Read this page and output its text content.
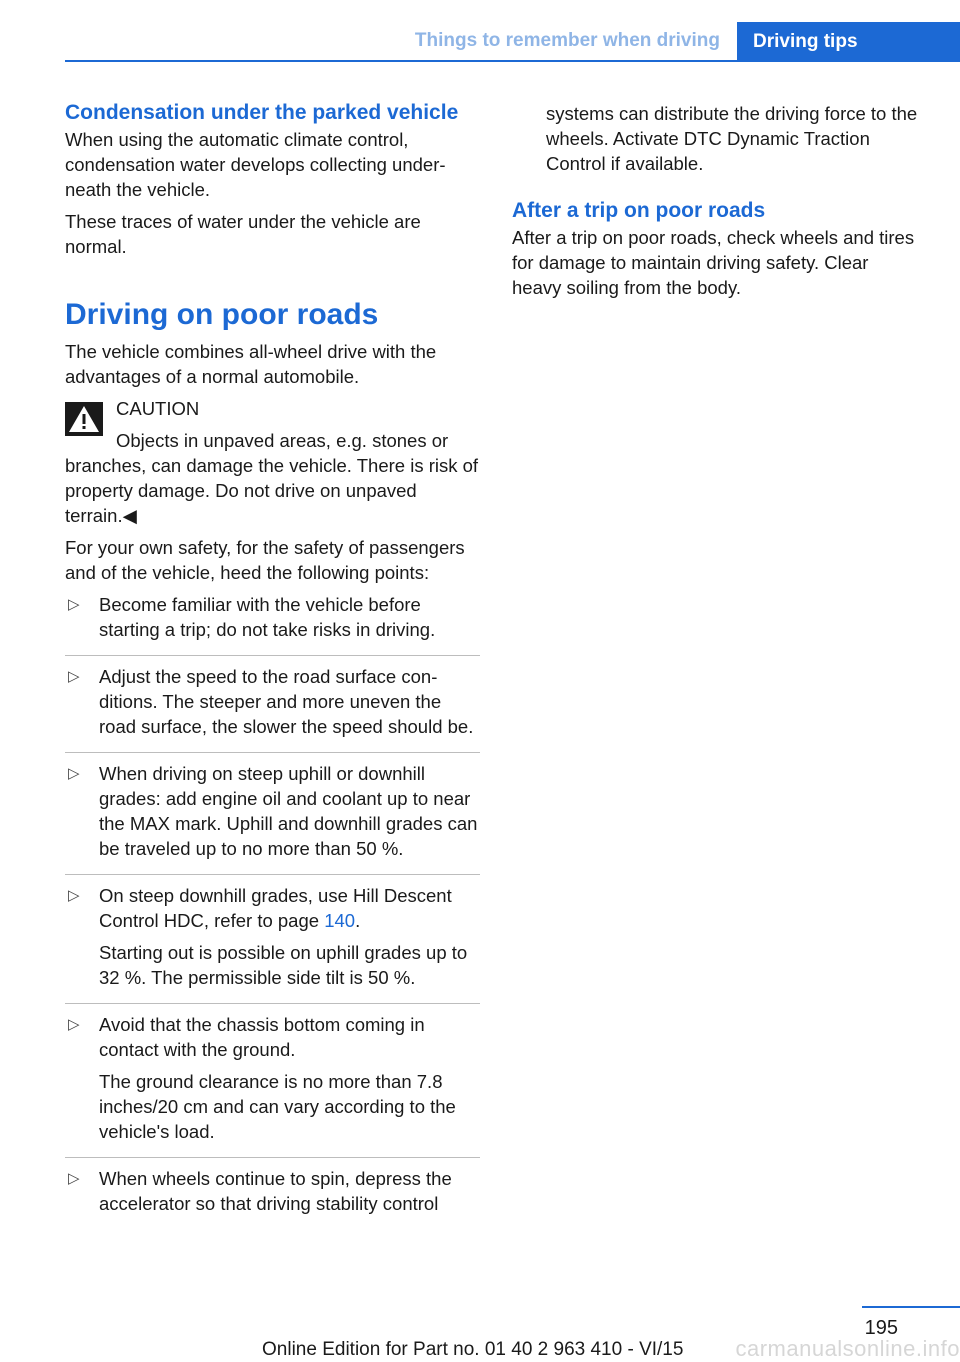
Things to remember when driving	Driving tips
Condensation under the parked vehicle

When using the automatic climate control, condensation water develops collecting underneath the vehicle.

These traces of water under the vehicle are normal.

Driving on poor roads

The vehicle combines all-wheel drive with the advantages of a normal automobile.

CAUTION

Objects in unpaved areas, e.g. stones or branches, can damage the vehicle. There is risk of property damage. Do not drive on unpaved terrain.◀

For your own safety, for the safety of passengers and of the vehicle, heed the following points:

▷ Become familiar with the vehicle before starting a trip; do not take risks in driving.

▷ Adjust the speed to the road surface conditions. The steeper and more uneven the road surface, the slower the speed should be.

▷ When driving on steep uphill or downhill grades: add engine oil and coolant up to near the MAX mark. Uphill and downhill grades can be traveled up to no more than 50 %.

▷ On steep downhill grades, use Hill Descent Control HDC, refer to page 140.

Starting out is possible on uphill grades up to 32 %. The permissible side tilt is 50 %.

▷ Avoid that the chassis bottom coming in contact with the ground.

The ground clearance is no more than 7.8 inches/20 cm and can vary according to the vehicle's load.

▷ When wheels continue to spin, depress the accelerator so that driving stability control

systems can distribute the driving force to the wheels. Activate DTC Dynamic Traction Control if available.

After a trip on poor roads

After a trip on poor roads, check wheels and tires for damage to maintain driving safety. Clear heavy soiling from the body.

195
Online Edition for Part no. 01 40 2 963 410 - VI/15 carmanualsonline.info
